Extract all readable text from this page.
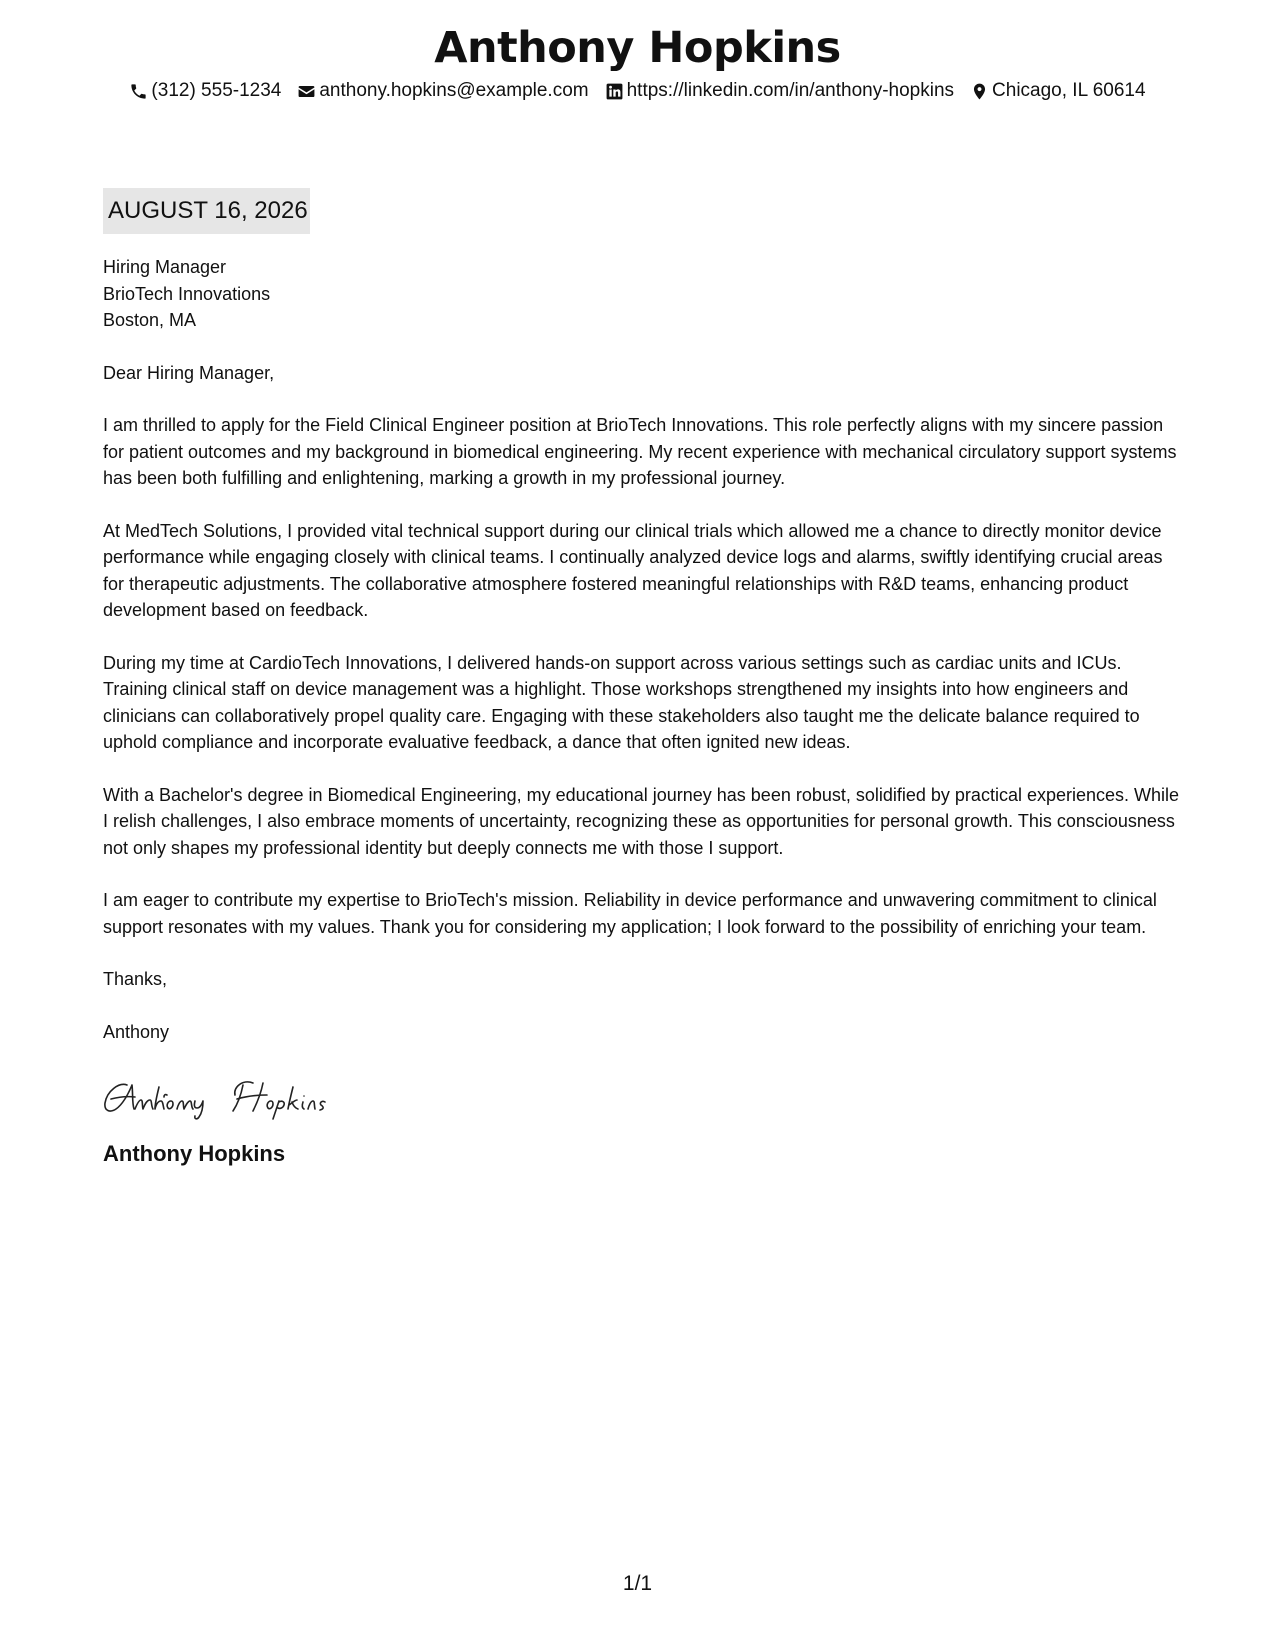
Anthony Hopkins
(312) 555-1234 anthony.hopkins@example.com https://linkedin.com/in/anthony-hopkins Chicago, IL 60614
AUGUST 16, 2026

Hiring Manager

BrioTech Innovations

Boston, MA

Dear Hiring Manager,

I am thrilled to apply for the Field Clinical Engineer position at BrioTech Innovations. This role perfectly aligns with my sincere passion for patient outcomes and my background in biomedical engineering. My recent experience with mechanical circulatory support systems has been both fulfilling and enlightening, marking a growth in my professional journey.

At MedTech Solutions, I provided vital technical support during our clinical trials which allowed me a chance to directly monitor device performance while engaging closely with clinical teams. I continually analyzed device logs and alarms, swiftly identifying crucial areas for therapeutic adjustments. The collaborative atmosphere fostered meaningful relationships with R&D teams, enhancing product development based on feedback.

During my time at CardioTech Innovations, I delivered hands-on support across various settings such as cardiac units and ICUs. Training clinical staff on device management was a highlight. Those workshops strengthened my insights into how engineers and clinicians can collaboratively propel quality care. Engaging with these stakeholders also taught me the delicate balance required to uphold compliance and incorporate evaluative feedback, a dance that often ignited new ideas.

With a Bachelor's degree in Biomedical Engineering, my educational journey has been robust, solidified by practical experiences. While I relish challenges, I also embrace moments of uncertainty, recognizing these as opportunities for personal growth. This consciousness not only shapes my professional identity but deeply connects me with those I support.

I am eager to contribute my expertise to BrioTech's mission. Reliability in device performance and unwavering commitment to clinical support resonates with my values. Thank you for considering my application; I look forward to the possibility of enriching your team.

Thanks,

Anthony

Anthony Hopkins

1/1
